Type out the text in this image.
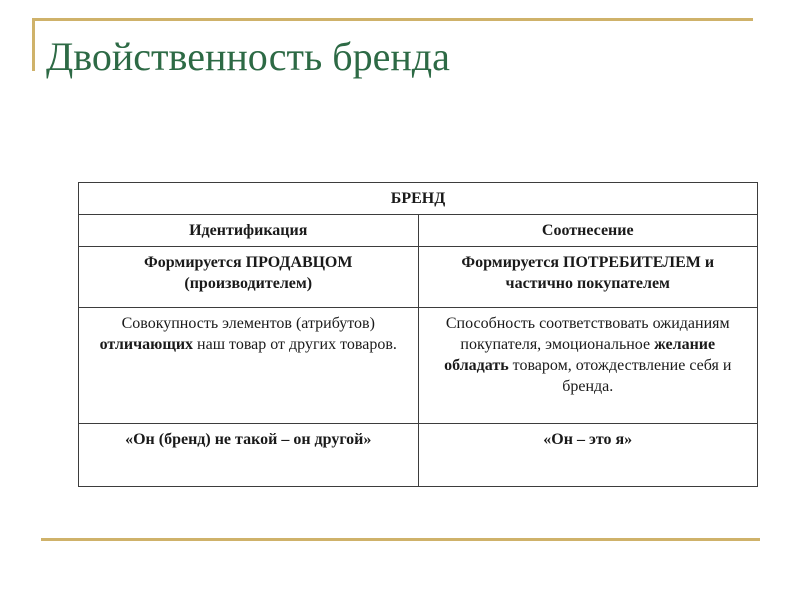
Двойственность бренда
БРЕНД	
Идентификация	Соотнесение
Формируется ПРОДАВЦОМ (производителем)	Формируется ПОТРЕБИТЕЛЕМ и частично покупателем
Совокупность элементов (атрибутов) отличающих наш товар от других товаров.	Способность соответствовать ожиданиям покупателя, эмоциональное желание обладать товаром, отождествление себя и бренда.

«Он (бренд) не такой – он другой»	«Он – это я»
